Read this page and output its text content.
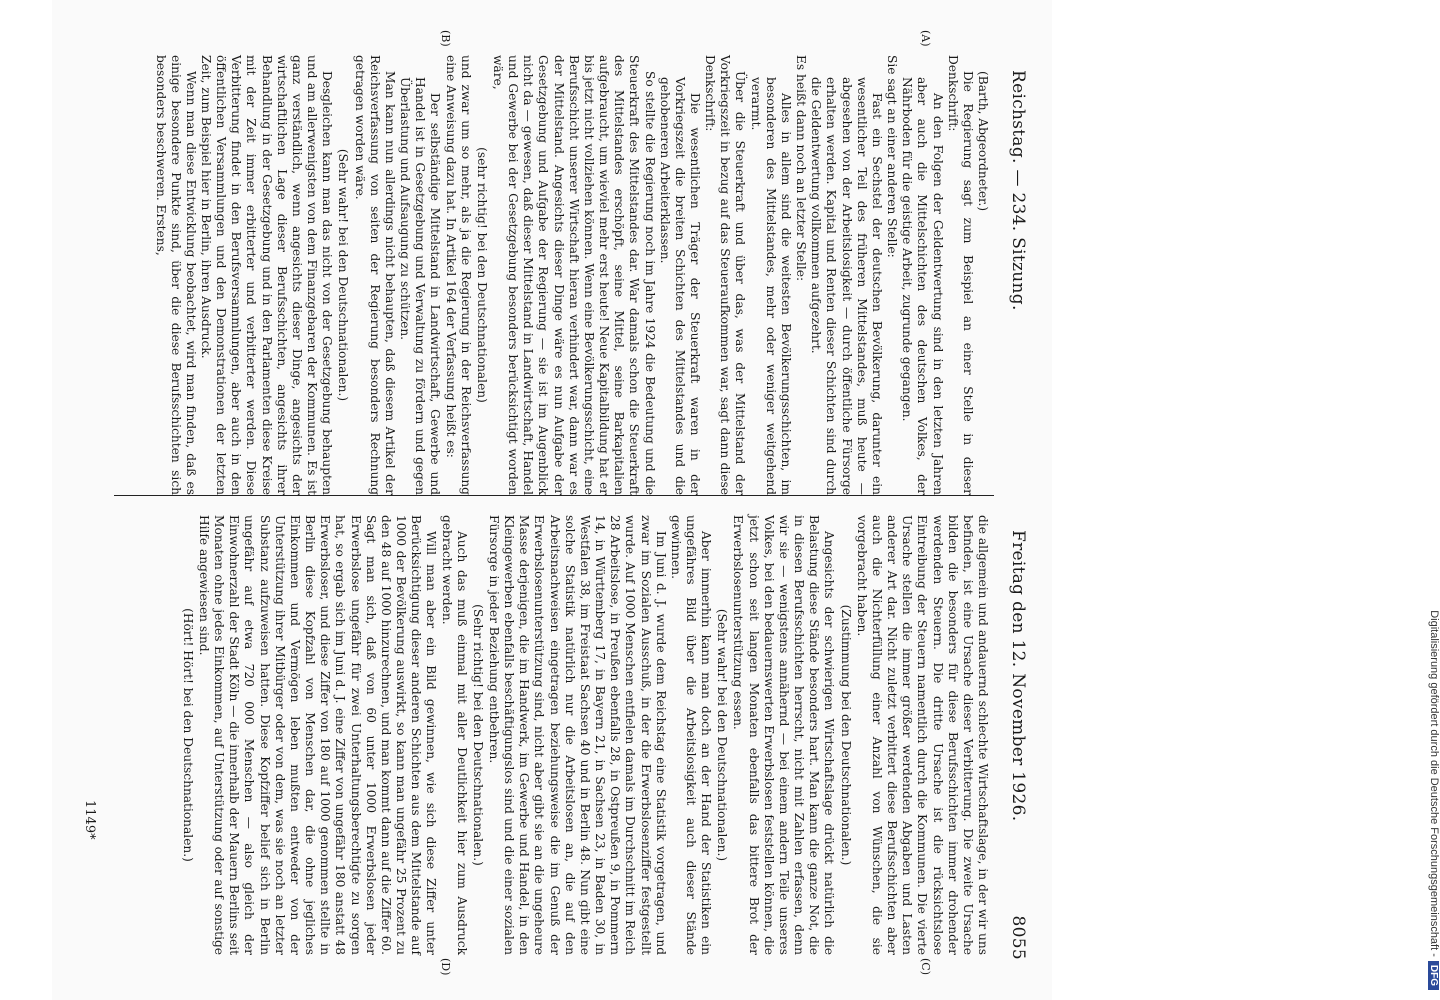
Reichstag. — 234. Sitzung.
Freitag den 12. November 1926.
8055
(A)
(B)
(C)
(D)

(Barth, Abgeordneter.)

Die Regierung sagt zum Beispiel an einer Stelle in dieser Denkschrift:

An den Folgen der Geldentwertung sind in den letzten Jahren aber auch die Mittelschichten des deutschen Volkes, der Nährboden für die geistige Arbeit, zugrunde gegangen.

Sie sagt an einer anderen Stelle:

Fast ein Sechstel der deutschen Bevölkerung, darunter ein wesentlicher Teil des früheren Mittelstandes, muß heute — abgesehen von der Arbeitslosigkeit — durch öffentliche Fürsorge erhalten werden. Kapital und Renten dieser Schichten sind durch die Geldentwertung vollkommen aufgezehrt.

Es heißt dann noch an letzter Stelle:

Alles in allem sind die weitesten Bevölkerungsschichten, im besonderen des Mittelstandes, mehr oder weniger weitgehend verarmt.

Über die Steuerkraft und über das, was der Mittelstand der Vorkriegszeit in bezug auf das Steueraufkommen war, sagt dann diese Denkschrift:

Die wesentlichen Träger der Steuerkraft waren in der Vorkriegszeit die breiten Schichten des Mittelstandes und die gehobeneren Arbeiterklassen.

So stellte die Regierung noch im Jahre 1924 die Bedeutung und die Steuerkraft des Mittelstandes dar. War damals schon die Steuerkraft des Mittelstandes erschöpft, seine Mittel, seine Barkapitalien aufgebraucht, um wieviel mehr erst heute! Neue Kapitalbildung hat er bis jetzt nicht vollziehen können. Wenn eine Bevölkerungsschicht, eine Berufsschicht unserer Wirtschaft hieran verhindert war, dann war es der Mittelstand. Angesichts dieser Dinge wäre es nun Aufgabe der Gesetzgebung und Aufgabe der Regierung — sie ist im Augenblick nicht da — gewesen, daß dieser Mittelstand in Landwirtschaft, Handel und Gewerbe bei der Gesetzgebung besonders berücksichtigt worden wäre,

(sehr richtig! bei den Deutschnationalen)

und zwar um so mehr, als ja die Regierung in der Reichsverfassung eine Anweisung dazu hat. In Artikel 164 der Verfassung heißt es:

Der selbständige Mittelstand in Landwirtschaft, Gewerbe und Handel ist in Gesetzgebung und Verwaltung zu fördern und gegen Überlastung und Aufsaugung zu schützen.

Man kann nun allerdings nicht behaupten, daß diesem Artikel der Reichsverfassung von seiten der Regierung besonders Rechnung getragen worden wäre.

(Sehr wahr! bei den Deutschnationalen.)

Desgleichen kann man das nicht von der Gesetzgebung behaupten und am allerwenigsten von dem Finanzgebaren der Kommunen. Es ist ganz verständlich, wenn angesichts dieser Dinge, angesichts der wirtschaftlichen Lage dieser Berufsschichten, angesichts ihrer Behandlung in der Gesetzgebung und in den Parlamenten diese Kreise mit der Zeit immer erbitterter und verbitterter werden. Diese Verbitterung findet in den Berufsversammlungen, aber auch in den öffentlichen Versammlungen und den Demonstrationen der letzten Zeit, zum Beispiel hier in Berlin, ihren Ausdruck.

Wenn man diese Entwicklung beobachtet, wird man finden, daß es einige besondere Punkte sind, über die diese Berufsschichten sich besonders beschweren. Erstens,

die allgemein und andauernd schlechte Wirtschaftslage, in der wir uns befinden, ist eine Ursache dieser Verbitterung. Die zweite Ursache bilden die besonders für diese Berufsschichten immer drohender werdenden Steuern. Die dritte Ursache ist die rücksichtslose Eintreibung der Steuern namentlich durch die Kommunen. Die vierte Ursache stellen die immer größer werdenden Abgaben und Lasten anderer Art dar. Nicht zuletzt verbittert diese Berufsschichten aber auch die Nichterfüllung einer Anzahl von Wünschen, die sie vorgebracht haben.

(Zustimmung bei den Deutschnationalen.)

Angesichts der schwierigen Wirtschaftslage drückt natürlich die Belastung diese Stände besonders hart. Man kann die ganze Not, die in diesen Berufsschichten herrscht, nicht mit Zahlen erfassen, denn wir sie — wenigstens annähernd — bei einem andern Teile unseres Volkes, bei den bedauernswerten Erwerbslosen feststellen können, die jetzt schon seit langen Monaten ebenfalls das bittere Brot der Erwerbslosenunterstützung essen.

(Sehr wahr! bei den Deutschnationalen.)

Aber immerhin kann man doch an der Hand der Statistiken ein ungefähres Bild über die Arbeitslosigkeit auch dieser Stände gewinnen.

Im Juni d. J. wurde dem Reichstag eine Statistik vorgetragen, und zwar im Sozialen Ausschuß, in der die Erwerbslosenziffer festgestellt wurde. Auf 1000 Menschen entfielen damals im Durchschnitt im Reich 28 Arbeitslose, in Preußen ebenfalls 28, in Ostpreußen 9, in Pommern 14, in Württemberg 17, in Bayern 21, in Sachsen 23, in Baden 30, in Westfalen 38, im Freistaat Sachsen 40 und in Berlin 48. Nun gibt eine solche Statistik natürlich nur die Arbeitslosen an, die auf den Arbeitsnachweisen eingetragen beziehungsweise die im Genuß der Erwerbslosenunterstützung sind, nicht aber gibt sie an die ungeheure Masse derjenigen, die im Handwerk, im Gewerbe und Handel, in den Kleingewerben ebenfalls beschäftigungslos sind und die einer sozialen Fürsorge in jeder Beziehung entbehren.

(Sehr richtig! bei den Deutschnationalen.)

Auch das muß einmal mit aller Deutlichkeit hier zum Ausdruck gebracht werden.

Will man aber ein Bild gewinnen, wie sich diese Ziffer unter Berücksichtigung dieser anderen Schichten aus dem Mittelstande auf 1000 der Bevölkerung auswirkt, so kann man ungefähr 25 Prozent zu den 48 auf 1000 hinzurechnen, und man kommt dann auf die Ziffer 60. Sagt man sich, daß von 60 unter 1000 Erwerbslosen jeder Erwerbslose ungefähr für zwei Unterhaltungsberechtigte zu sorgen hat, so ergab sich im Juni d. J. eine Ziffer von ungefähr 180 anstatt 48 Erwerbsloser, und diese Ziffer von 180 auf 1000 genommen stellte in Berlin diese Kopfzahl von Menschen dar, die ohne jegliches Einkommen und Vermögen leben mußten entweder von der Unterstützung ihrer Mitbürger oder von dem, was sie noch an letzter Substanz aufzuweisen hatten. Diese Kopfziffer belief sich in Berlin ungefähr auf etwa 720 000 Menschen — also gleich der Einwohnerzahl der Stadt Köln — die innerhalb der Mauern Berlins seit Monaten ohne jedes Einkommen, auf Unterstützung oder auf sonstige Hilfe angewiesen sind.

(Hört! Hört! bei den Deutschnationalen.)

1149*	Digitalisierung gefördert durch die Deutsche Forschungsgemeinschaft -DFG
